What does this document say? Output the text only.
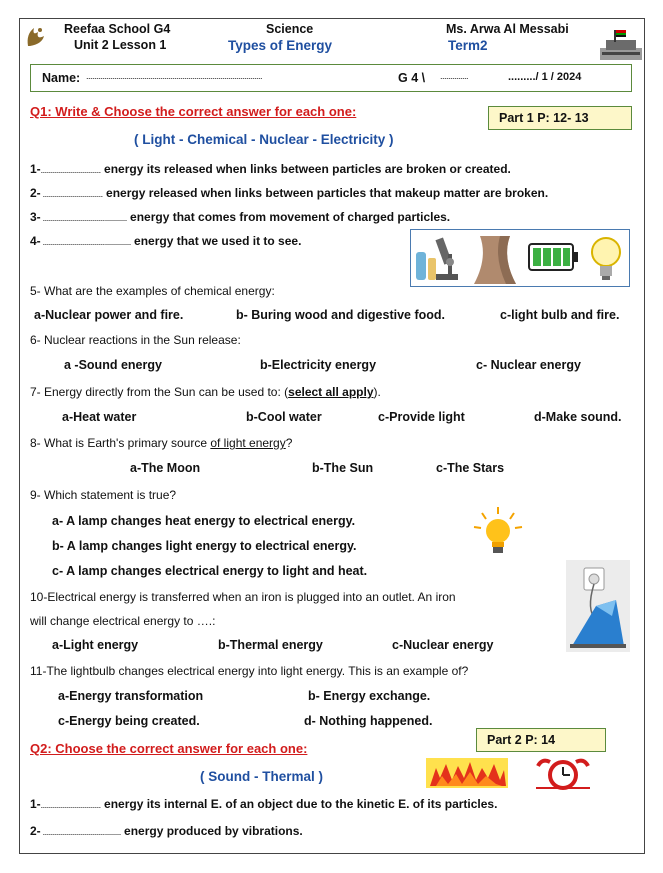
Reefaa School G4
Unit 2 Lesson 1
Science
Types of Energy
Ms. Arwa Al Messabi
Term2
Name: ........................................................................................	G 4 \ ..............	........./ 1 / 2024
Q1: Write & Choose the correct answer for each one:	Part 1 P: 12- 13
( Light - Chemical - Nuclear - Electricity )
1-.............................. energy its released when links between particles are broken or created.
2- .............................. energy released when links between particles that makeup matter are broken.
3- .......................................... energy that comes from movement of charged particles.
4- ............................................ energy that we used it to see.
5- What are the examples of chemical energy:
a-Nuclear power and fire.	b- Buring wood and digestive food.	c-light bulb and fire.
6- Nuclear reactions in the Sun release:
a -Sound energy	b-Electricity energy	c- Nuclear energy
7- Energy directly from the Sun can be used to: (select all apply).
a-Heat water	b-Cool water	c-Provide light	d-Make sound.
8- What is Earth's primary source of light energy?
a-The Moon	b-The Sun	c-The Stars
9- Which statement is true?
a- A lamp changes heat energy to electrical energy.
b- A lamp changes light energy to electrical energy.
c- A lamp changes electrical energy to light and heat.
10-Electrical energy is transferred when an iron is plugged into an outlet. An iron
will change electrical energy to ….:
a-Light energy	b-Thermal energy	c-Nuclear energy
11-The lightbulb changes electrical energy into light energy. This is an example of?
a-Energy transformation	b- Energy exchange.
c-Energy being created.	d- Nothing happened.
Q2: Choose the correct answer for each one:
Part 2 P: 14
( Sound - Thermal )
1-.............................. energy its internal E. of an object due to the kinetic E. of its particles.
2- ....................................... energy produced by vibrations.
